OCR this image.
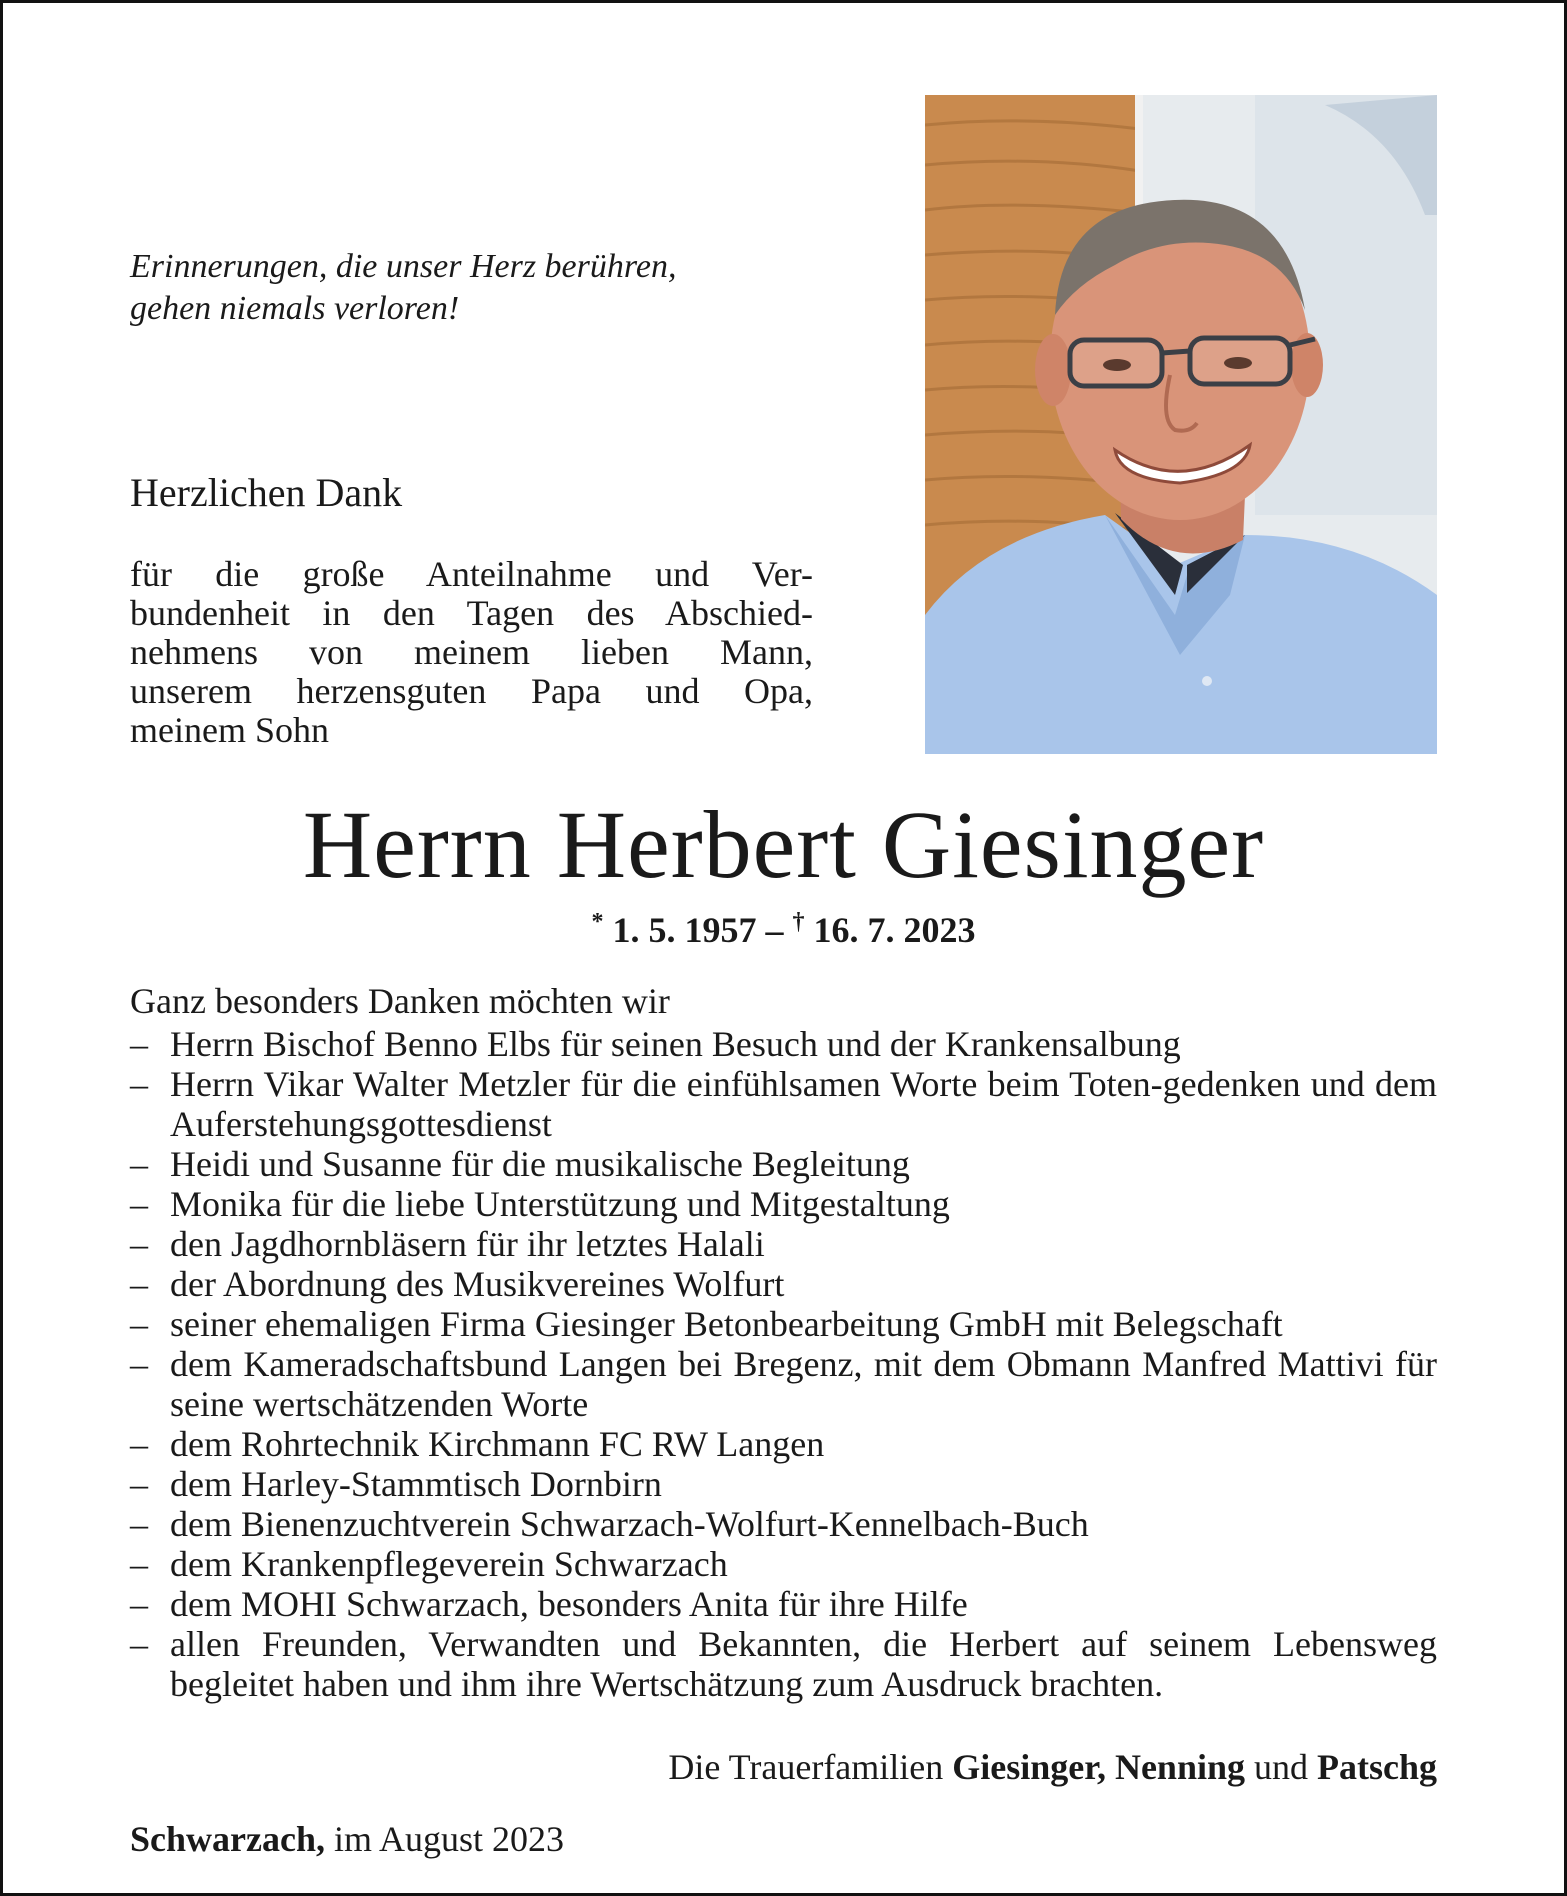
Erinnerungen, die unser Herz berühren,
gehen niemals verloren!
Herzlichen Dank
für die große Anteilnahme und Ver-
bundenheit in den Tagen des Abschied-
nehmens von meinem lieben Mann,
unserem herzensguten Papa und Opa,
meinem Sohn
Herrn Herbert Giesinger
* 1. 5. 1957 – † 16. 7. 2023
Ganz besonders Danken möchten wir
– Herrn Bischof Benno Elbs für seinen Besuch und der Krankensalbung
– Herrn Vikar Walter Metzler für die einfühlsamen Worte beim Toten-gedenken und dem Auferstehungsgottesdienst
– Heidi und Susanne für die musikalische Begleitung
– Monika für die liebe Unterstützung und Mitgestaltung
– den Jagdhornbläsern für ihr letztes Halali
– der Abordnung des Musikvereines Wolfurt
– seiner ehemaligen Firma Giesinger Betonbearbeitung GmbH mit Belegschaft
– dem Kameradschaftsbund Langen bei Bregenz, mit dem Obmann Manfred Mattivi für seine wertschätzenden Worte
– dem Rohrtechnik Kirchmann FC RW Langen
– dem Harley-Stammtisch Dornbirn
– dem Bienenzuchtverein Schwarzach-Wolfurt-Kennelbach-Buch
– dem Krankenpflegeverein Schwarzach
– dem MOHI Schwarzach, besonders Anita für ihre Hilfe
– allen Freunden, Verwandten und Bekannten, die Herbert auf seinem Lebensweg begleitet haben und ihm ihre Wertschätzung zum Ausdruck brachten.
Die Trauerfamilien Giesinger, Nenning und Patschg
Schwarzach, im August 2023
